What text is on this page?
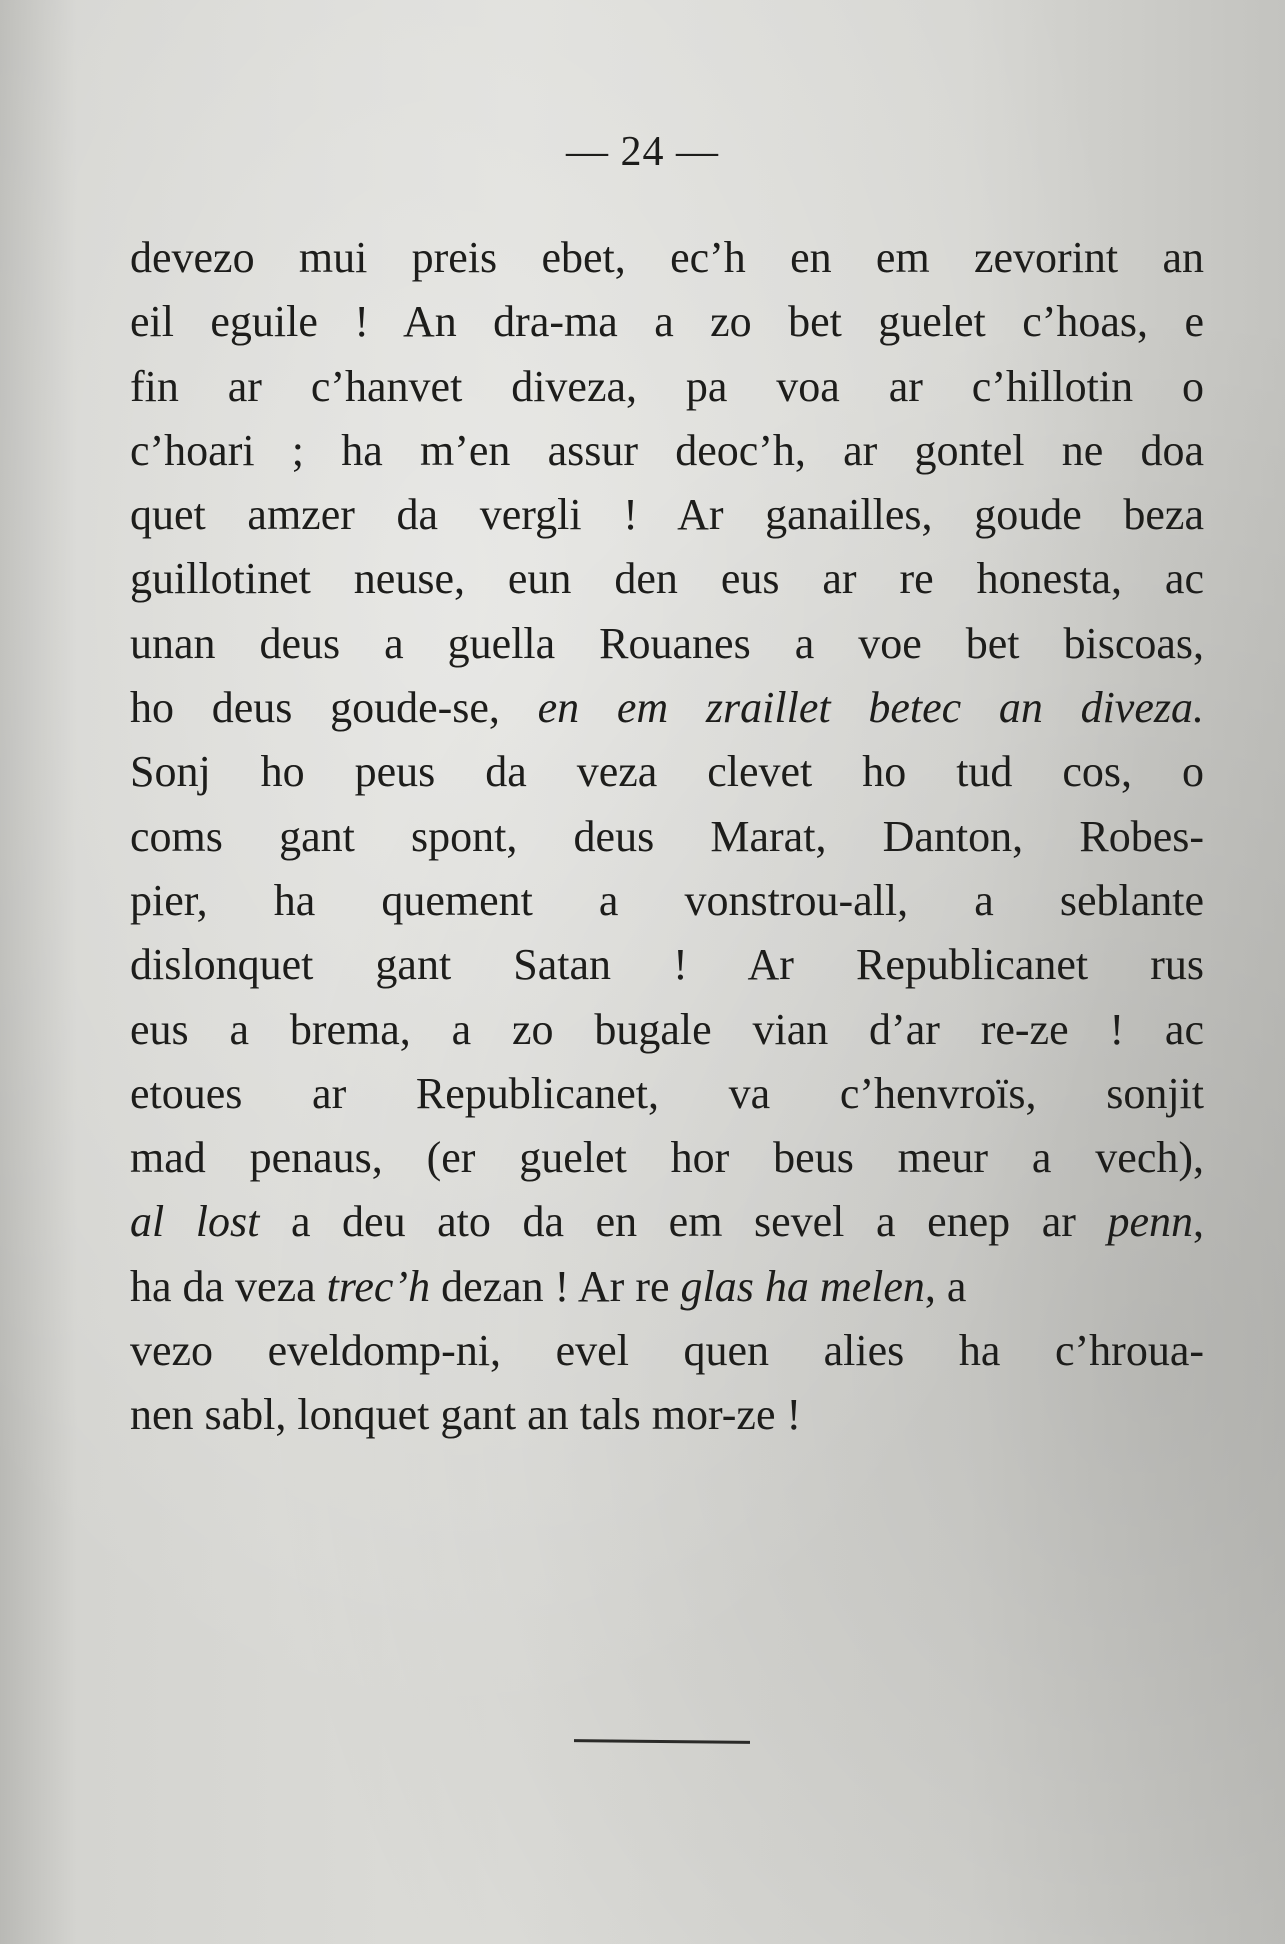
— 24 —
devezo mui preis ebet, ec’h en em zevorint an
eil eguile ! An dra-ma a zo bet guelet c’hoas, e
fin ar c’hanvet diveza, pa voa ar c’hillotin o
c’hoari ; ha m’en assur deoc’h, ar gontel ne doa
quet amzer da vergli ! Ar ganailles, goude beza
guillotinet neuse, eun den eus ar re honesta, ac
unan deus a guella Rouanes a voe bet biscoas,
ho deus goude-se, en em zraillet betec an diveza.
Sonj ho peus da veza clevet ho tud cos, o
coms gant spont, deus Marat, Danton, Robes-
pier, ha quement a vonstrou-all, a seblante
dislonquet gant Satan ! Ar Republicanet rus
eus a brema, a zo bugale vian d’ar re-ze ! ac
etoues ar Republicanet, va c’henvroïs, sonjit
mad penaus, (er guelet hor beus meur a vech),
al lost a deu ato da en em sevel a enep ar penn,
ha da veza trec’h dezan ! Ar re glas ha melen, a
vezo eveldomp-ni, evel quen alies ha c’hroua-
nen sabl, lonquet gant an tals mor-ze !
